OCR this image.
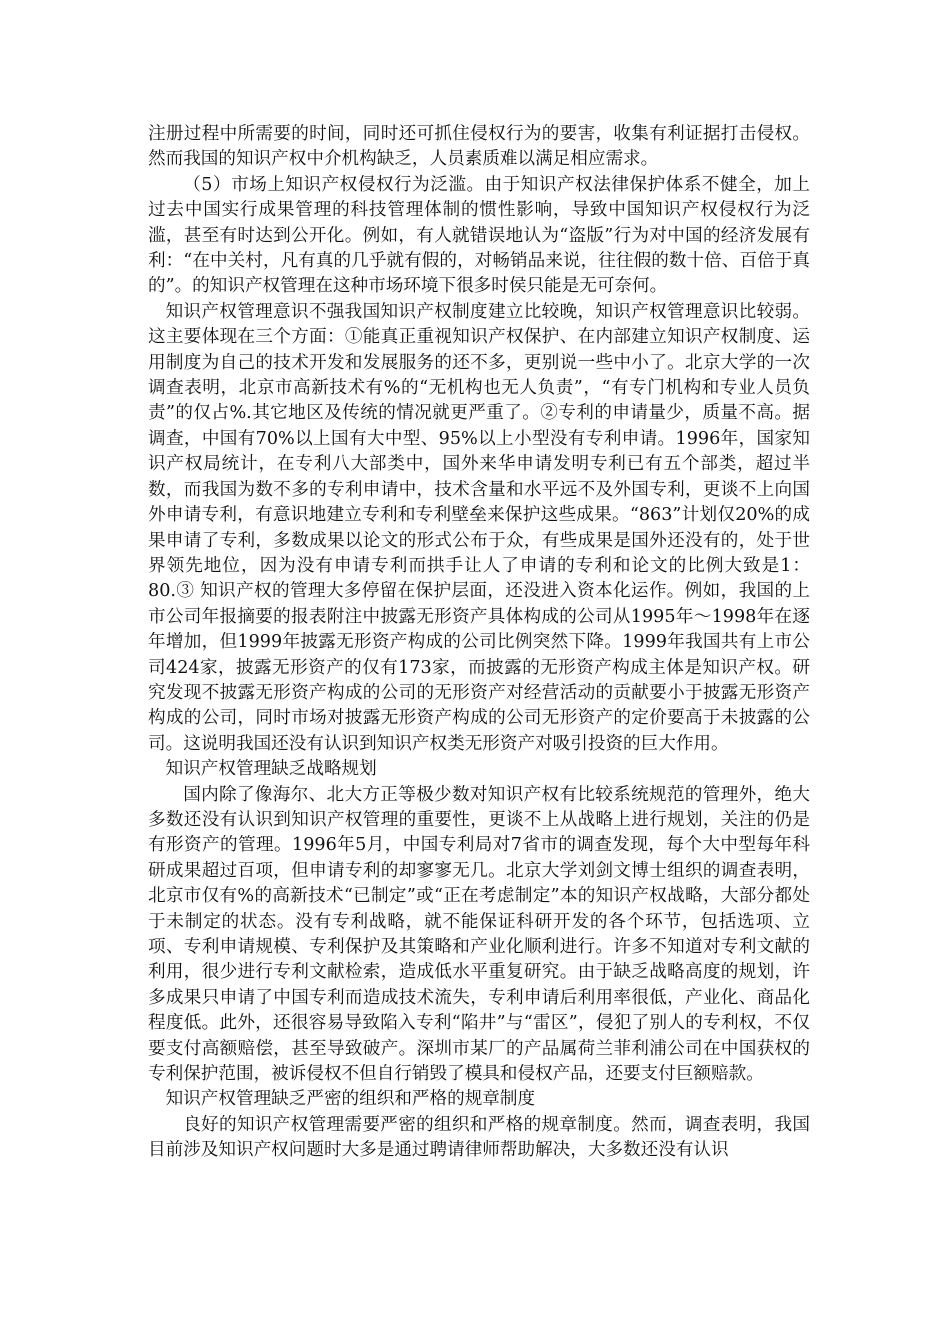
注册过程中所需要的时间，同时还可抓住侵权行为的要害，收集有利证据打击侵权。然而我国的知识产权中介机构缺乏，人员素质难以满足相应需求。

（5）市场上知识产权侵权行为泛滥。由于知识产权法律保护体系不健全，加上过去中国实行成果管理的科技管理体制的惯性影响，导致中国知识产权侵权行为泛滥，甚至有时达到公开化。例如，有人就错误地认为“盗版”行为对中国的经济发展有利：“在中关村，凡有真的几乎就有假的，对畅销品来说，往往假的数十倍、百倍于真的”。的知识产权管理在这种市场环境下很多时侯只能是无可奈何。

知识产权管理意识不强我国知识产权制度建立比较晚，知识产权管理意识比较弱。这主要体现在三个方面：①能真正重视知识产权保护、在内部建立知识产权制度、运用制度为自己的技术开发和发展服务的还不多，更别说一些中小了。北京大学的一次调查表明，北京市高新技术有%的“无机构也无人负责”，“有专门机构和专业人员负责”的仅占%.其它地区及传统的情况就更严重了。②专利的申请量少，质量不高。据调查，中国有70%以上国有大中型、95%以上小型没有专利申请。1996年，国家知识产权局统计，在专利八大部类中，国外来华申请发明专利已有五个部类，超过半数，而我国为数不多的专利申请中，技术含量和水平远不及外国专利，更谈不上向国外申请专利，有意识地建立专利和专利壁垒来保护这些成果。“863”计划仅20%的成果申请了专利，多数成果以论文的形式公布于众，有些成果是国外还没有的，处于世界领先地位，因为没有申请专利而拱手让人了申请的专利和论文的比例大致是1：80.③ 知识产权的管理大多停留在保护层面，还没进入资本化运作。例如，我国的上市公司年报摘要的报表附注中披露无形资产具体构成的公司从1995年～1998年在逐年增加，但1999年披露无形资产构成的公司比例突然下降。1999年我国共有上市公司424家，披露无形资产的仅有173家，而披露的无形资产构成主体是知识产权。研究发现不披露无形资产构成的公司的无形资产对经营活动的贡献要小于披露无形资产构成的公司，同时市场对披露无形资产构成的公司无形资产的定价要高于未披露的公司。这说明我国还没有认识到知识产权类无形资产对吸引投资的巨大作用。

知识产权管理缺乏战略规划

国内除了像海尔、北大方正等极少数对知识产权有比较系统规范的管理外，绝大多数还没有认识到知识产权管理的重要性，更谈不上从战略上进行规划，关注的仍是有形资产的管理。1996年5月，中国专利局对7省市的调查发现，每个大中型每年科研成果超过百项，但申请专利的却寥寥无几。北京大学刘剑文博士组织的调查表明，北京市仅有%的高新技术“已制定”或“正在考虑制定”本的知识产权战略，大部分都处于未制定的状态。没有专利战略，就不能保证科研开发的各个环节，包括选项、立项、专利申请规模、专利保护及其策略和产业化顺利进行。许多不知道对专利文献的利用，很少进行专利文献检索，造成低水平重复研究。由于缺乏战略高度的规划，许多成果只申请了中国专利而造成技术流失，专利申请后利用率很低，产业化、商品化程度低。此外，还很容易导致陷入专利“陷井”与“雷区”，侵犯了别人的专利权，不仅要支付高额赔偿，甚至导致破产。深圳市某厂的产品属荷兰菲利浦公司在中国获权的专利保护范围，被诉侵权不但自行销毁了模具和侵权产品，还要支付巨额赔款。

知识产权管理缺乏严密的组织和严格的规章制度

良好的知识产权管理需要严密的组织和严格的规章制度。然而，调查表明，我国目前涉及知识产权问题时大多是通过聘请律师帮助解决，大多数还没有认识
